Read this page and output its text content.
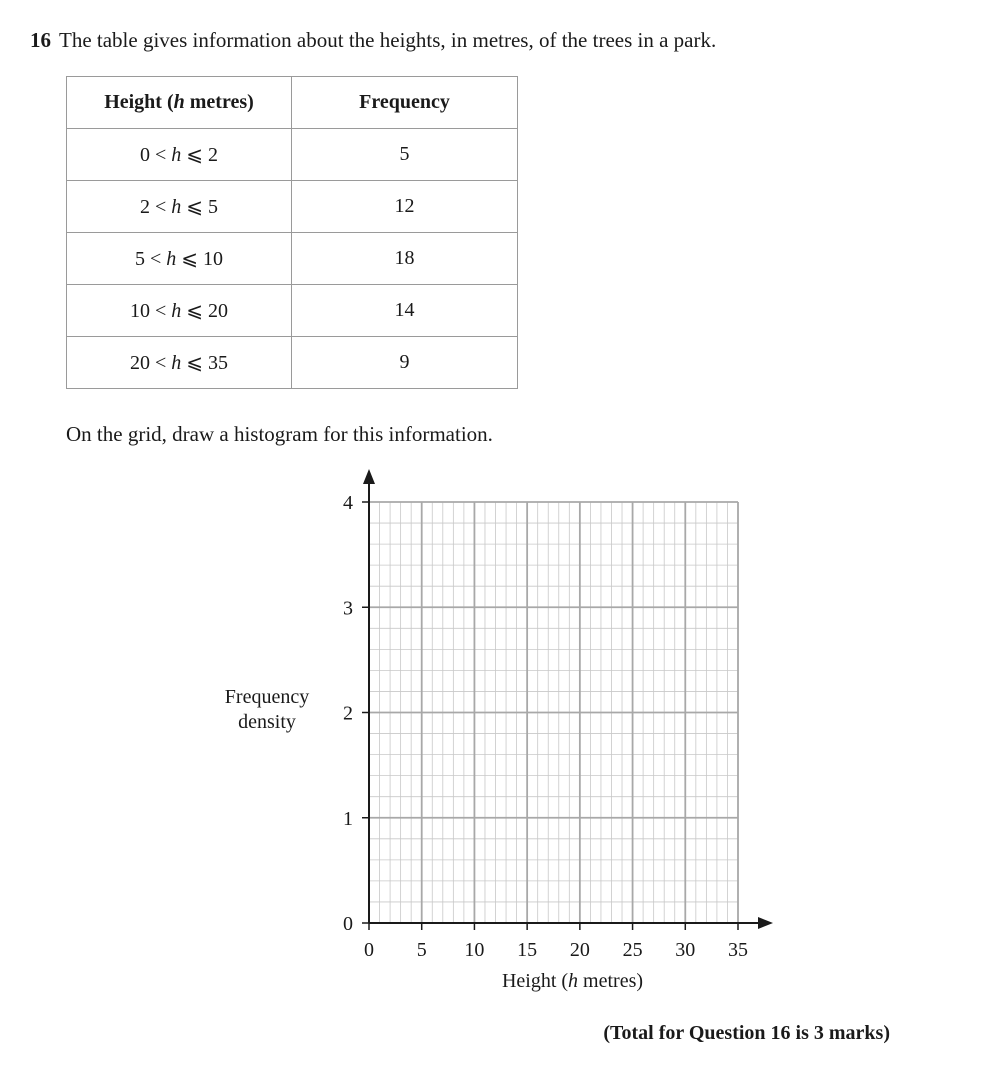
16 The table gives information about the heights, in metres, of the trees in a park.
Height (h metres)	Frequency
0 < h ⩽ 2	5
2 < h ⩽ 5	12
5 < h ⩽ 10	18
10 < h ⩽ 20	14
20 < h ⩽ 35	9
On the grid, draw a histogram for this information.
0
1
2
3
4
0 5 10 15 20 25 30 35
Frequency
density
Height (h metres)
(Total for Question 16 is 3 marks)
